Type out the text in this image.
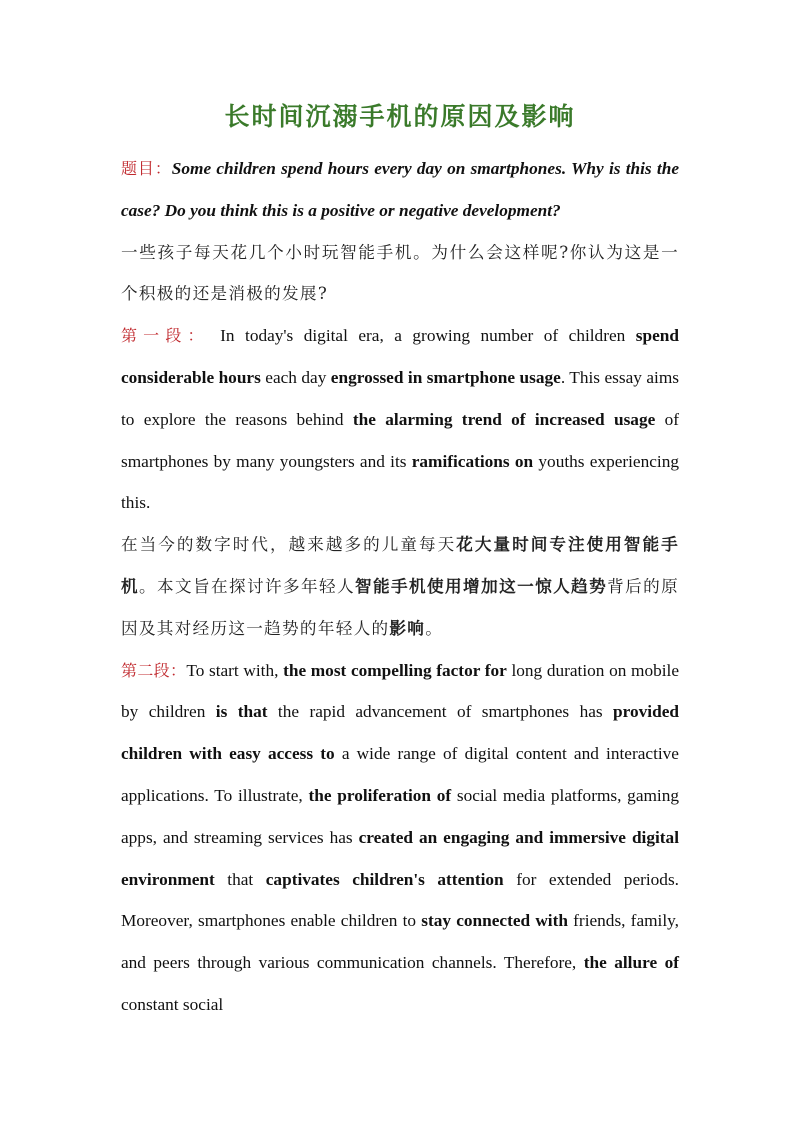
长时间沉溺手机的原因及影响

题目：Some children spend hours every day on smartphones. Why is this the case? Do you think this is a positive or negative development?

一些孩子每天花几个小时玩智能手机。为什么会这样呢?你认为这是一个积极的还是消极的发展?

第一段： In today's digital era, a growing number of children spend considerable hours each day engrossed in smartphone usage. This essay aims to explore the reasons behind the alarming trend of increased usage of smartphones by many youngsters and its ramifications on youths experiencing this.

在当今的数字时代，越来越多的儿童每天花大量时间专注使用智能手机。本文旨在探讨许多年轻人智能手机使用增加这一惊人趋势背后的原因及其对经历这一趋势的年轻人的影响。

第二段：To start with, the most compelling factor for long duration on mobile by children is that the rapid advancement of smartphones has provided children with easy access to a wide range of digital content and interactive applications. To illustrate, the proliferation of social media platforms, gaming apps, and streaming services has created an engaging and immersive digital environment that captivates children's attention for extended periods. Moreover, smartphones enable children to stay connected with friends, family, and peers through various communication channels. Therefore, the allure of constant social
